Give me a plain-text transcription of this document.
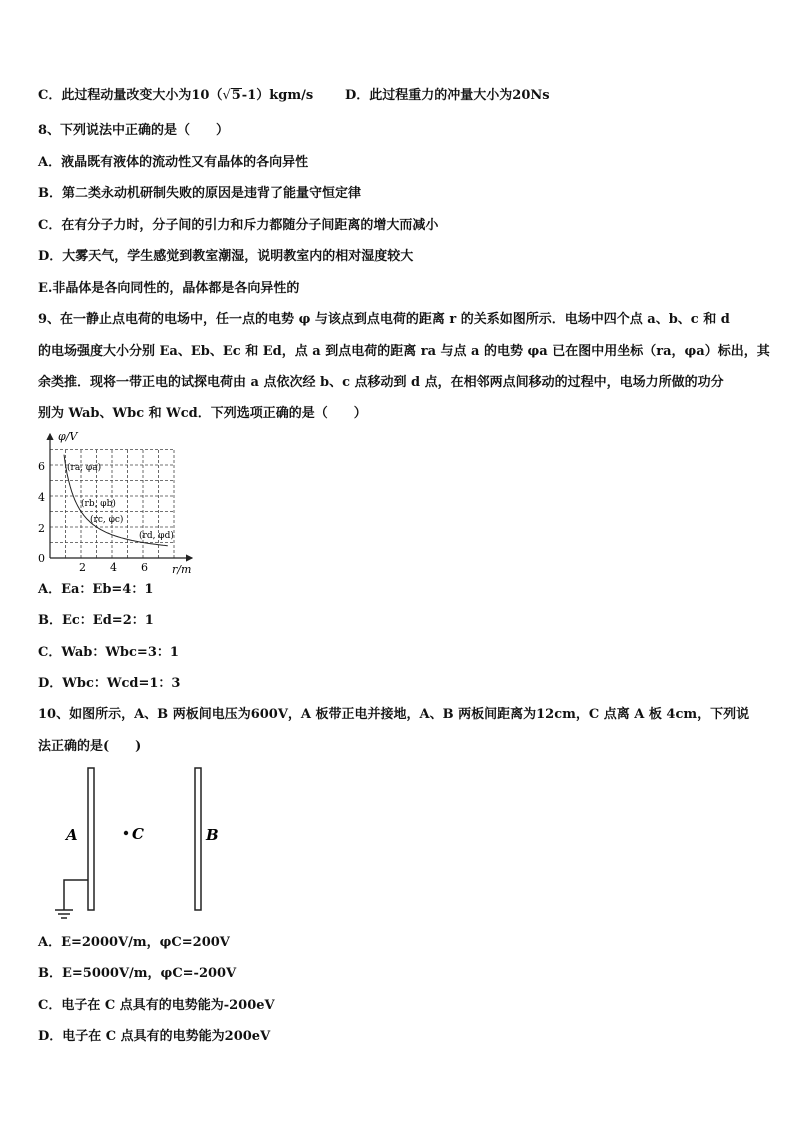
C．此过程动量改变大小为10（√5-1）kgm/s D．此过程重力的冲量大小为20Ns
8、下列说法中正确的是（　　）
A．液晶既有液体的流动性又有晶体的各向异性
B．第二类永动机研制失败的原因是违背了能量守恒定律
C．在有分子力时，分子间的引力和斥力都随分子间距离的增大而减小
D．大雾天气，学生感觉到教室潮湿，说明教室内的相对湿度较大
E.非晶体是各向同性的，晶体都是各向异性的
9、在一静止点电荷的电场中，任一点的电势 φ 与该点到点电荷的距离 r 的关系如图所示．电场中四个点 a、b、c 和 d
的电场强度大小分别 Ea、Eb、Ec 和 Ed，点 a 到点电荷的距离 ra 与点 a 的电势 φa 已在图中用坐标（ra，φa）标出，其
余类推．现将一带正电的试探电荷由 a 点依次经 b、c 点移动到 d 点，在相邻两点间移动的过程中，电场力所做的功分
别为 Wab、Wbc 和 Wcd．下列选项正确的是（　　）
φ/V
r/m
6
4
2
0
2 4 6
(ra, φa)
(rb, φb)
(rc, φc)
(rd, φd)
A．Ea：Eb=4：1
B．Ec：Ed=2：1
C．Wab：Wbc=3：1
D．Wbc：Wcd=1：3
10、如图所示，A、B 两板间电压为600V，A 板带正电并接地，A、B 两板间距离为12cm，C 点离 A 板 4cm，下列说
法正确的是(　　)
A	B
C
A．E=2000V/m，φC=200V
B．E=5000V/m，φC=-200V
C．电子在 C 点具有的电势能为-200eV
D．电子在 C 点具有的电势能为200eV
